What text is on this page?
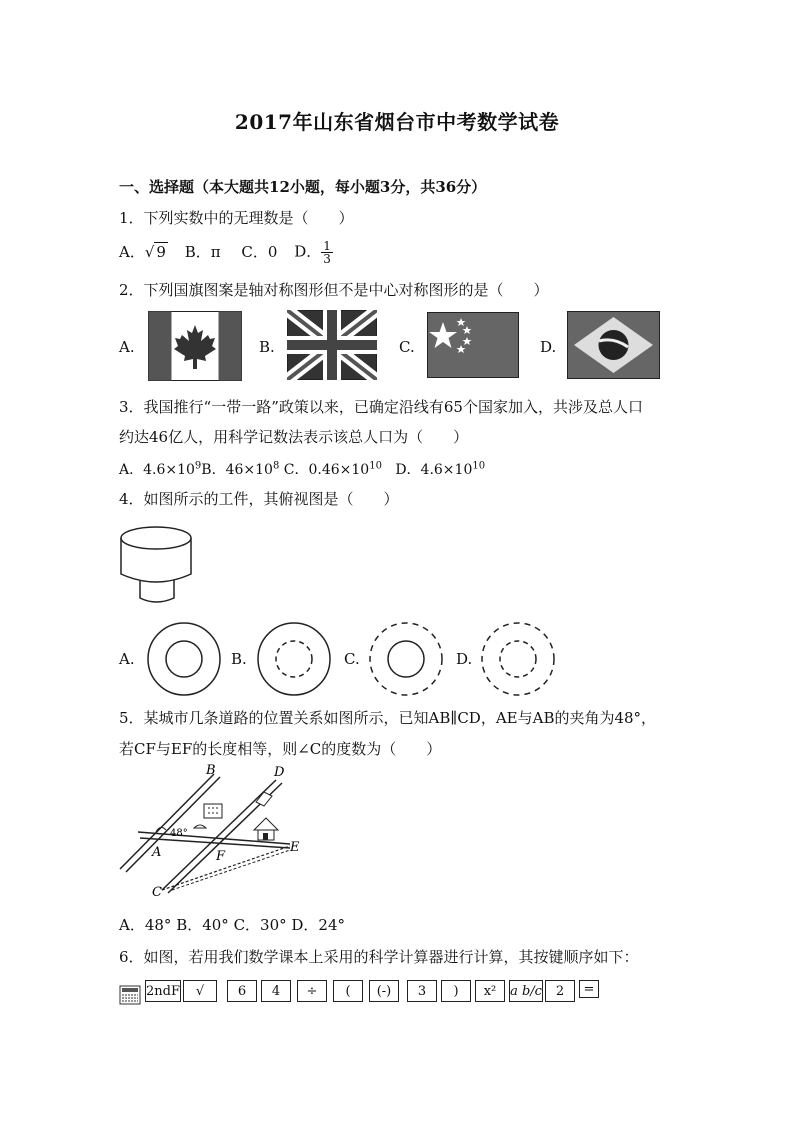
2017年山东省烟台市中考数学试卷
一、选择题（本大题共12小题，每小题3分，共36分）
1．下列实数中的无理数是（　　）
A．√ 9 B．π C．0 D． $\frac{1}{3}$
2．下列国旗图案是轴对称图形但不是中心对称图形的是（　　）
A.	B.	C.	D.
3．我国推行“一带一路”政策以来，已确定沿线有65个国家加入，共涉及总人口
约达46亿人，用科学记数法表示该总人口为（　　）
A．$4.6\times 10^9B$．$46\times 10^8$ C．$0.46\times 10^{10}$ D．$4.6\times 10^{10}$
4．如图所示的工件，其俯视图是（　　）
A.	B.	C.	D.
5．某城市几条道路的位置关系如图所示，已知AB∥CD，AE与AB的夹角为48°，
若CF与EF的长度相等，则∠C的度数为（　　）
B	D
A	F
E
C
48°
A．48° B．40° C．30° D．24°
6．如图，若用我们数学课本上采用的科学计算器进行计算，其按键顺序如下：
2ndF	√	6	4	÷	(	(-)	3	)	x²	a b/c	2	=
